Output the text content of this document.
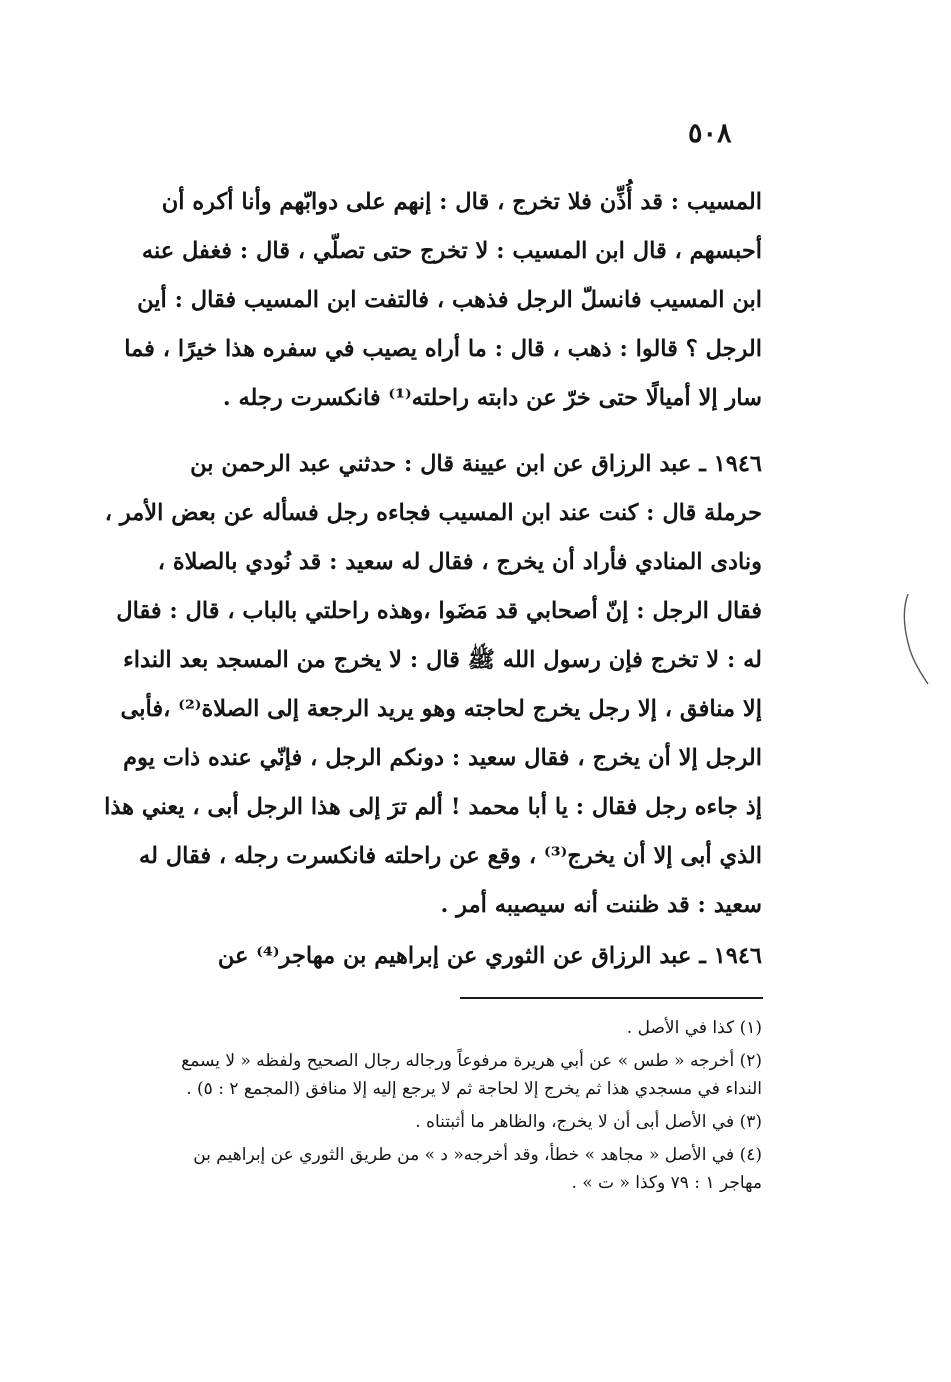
٥٠٨
المسيب : قد أُذِّن فلا تخرج ، قال : إنهم على دوابّهم وأنا أكره أن
أحبسهم ، قال ابن المسيب : لا تخرج حتى تصلّي ، قال : فغفل عنه
ابن المسيب فانسلّ الرجل فذهب ، فالتفت ابن المسيب فقال : أين
الرجل ؟ قالوا : ذهب ، قال : ما أراه يصيب في سفره هذا خيرًا ، فما
سار إلا أميالًا حتى خرّ عن دابته راحلته⁽¹⁾ فانكسرت رجله .
١٩٤٦ ـ عبد الرزاق عن ابن عيينة قال : حدثني عبد الرحمن بن
حرملة قال : كنت عند ابن المسيب فجاءه رجل فسأله عن بعض الأمر ،
ونادى المنادي فأراد أن يخرج ، فقال له سعيد : قد نُودي بالصلاة ،
فقال الرجل : إنّ أصحابي قد مَضَوا ،وهذه راحلتي بالباب ، قال : فقال
له : لا تخرج فإن رسول الله ﷺ قال : لا يخرج من المسجد بعد النداء
إلا منافق ، إلا رجل يخرج لحاجته وهو يريد الرجعة إلى الصلاة⁽²⁾ ،فأبى
الرجل إلا أن يخرج ، فقال سعيد : دونكم الرجل ، فإنّي عنده ذات يوم
إذ جاءه رجل فقال : يا أبا محمد ! ألم ترَ إلى هذا الرجل أبى ، يعني هذا
الذي أبى إلا أن يخرج⁽³⁾ ، وقع عن راحلته فانكسرت رجله ، فقال له
سعيد : قد ظننت أنه سيصيبه أمر .
١٩٤٦ ـ عبد الرزاق عن الثوري عن إبراهيم بن مهاجر⁽⁴⁾ عن
(١) كذا في الأصل .
(٢) أخرجه « طس » عن أبي هريرة مرفوعاً ورجاله رجال الصحيح ولفظه « لا يسمع
النداء في مسجدي هذا ثم يخرج إلا لحاجة ثم لا يرجع إليه إلا منافق (المجمع ٢ : ٥) .
(٣) في الأصل أبى أن لا يخرج، والظاهر ما أثبتناه .
(٤) في الأصل « مجاهد » خطأ، وقد أخرجه« د » من طريق الثوري عن إبراهيم بن
مهاجر ١ : ٧٩ وكذا « ت » .
